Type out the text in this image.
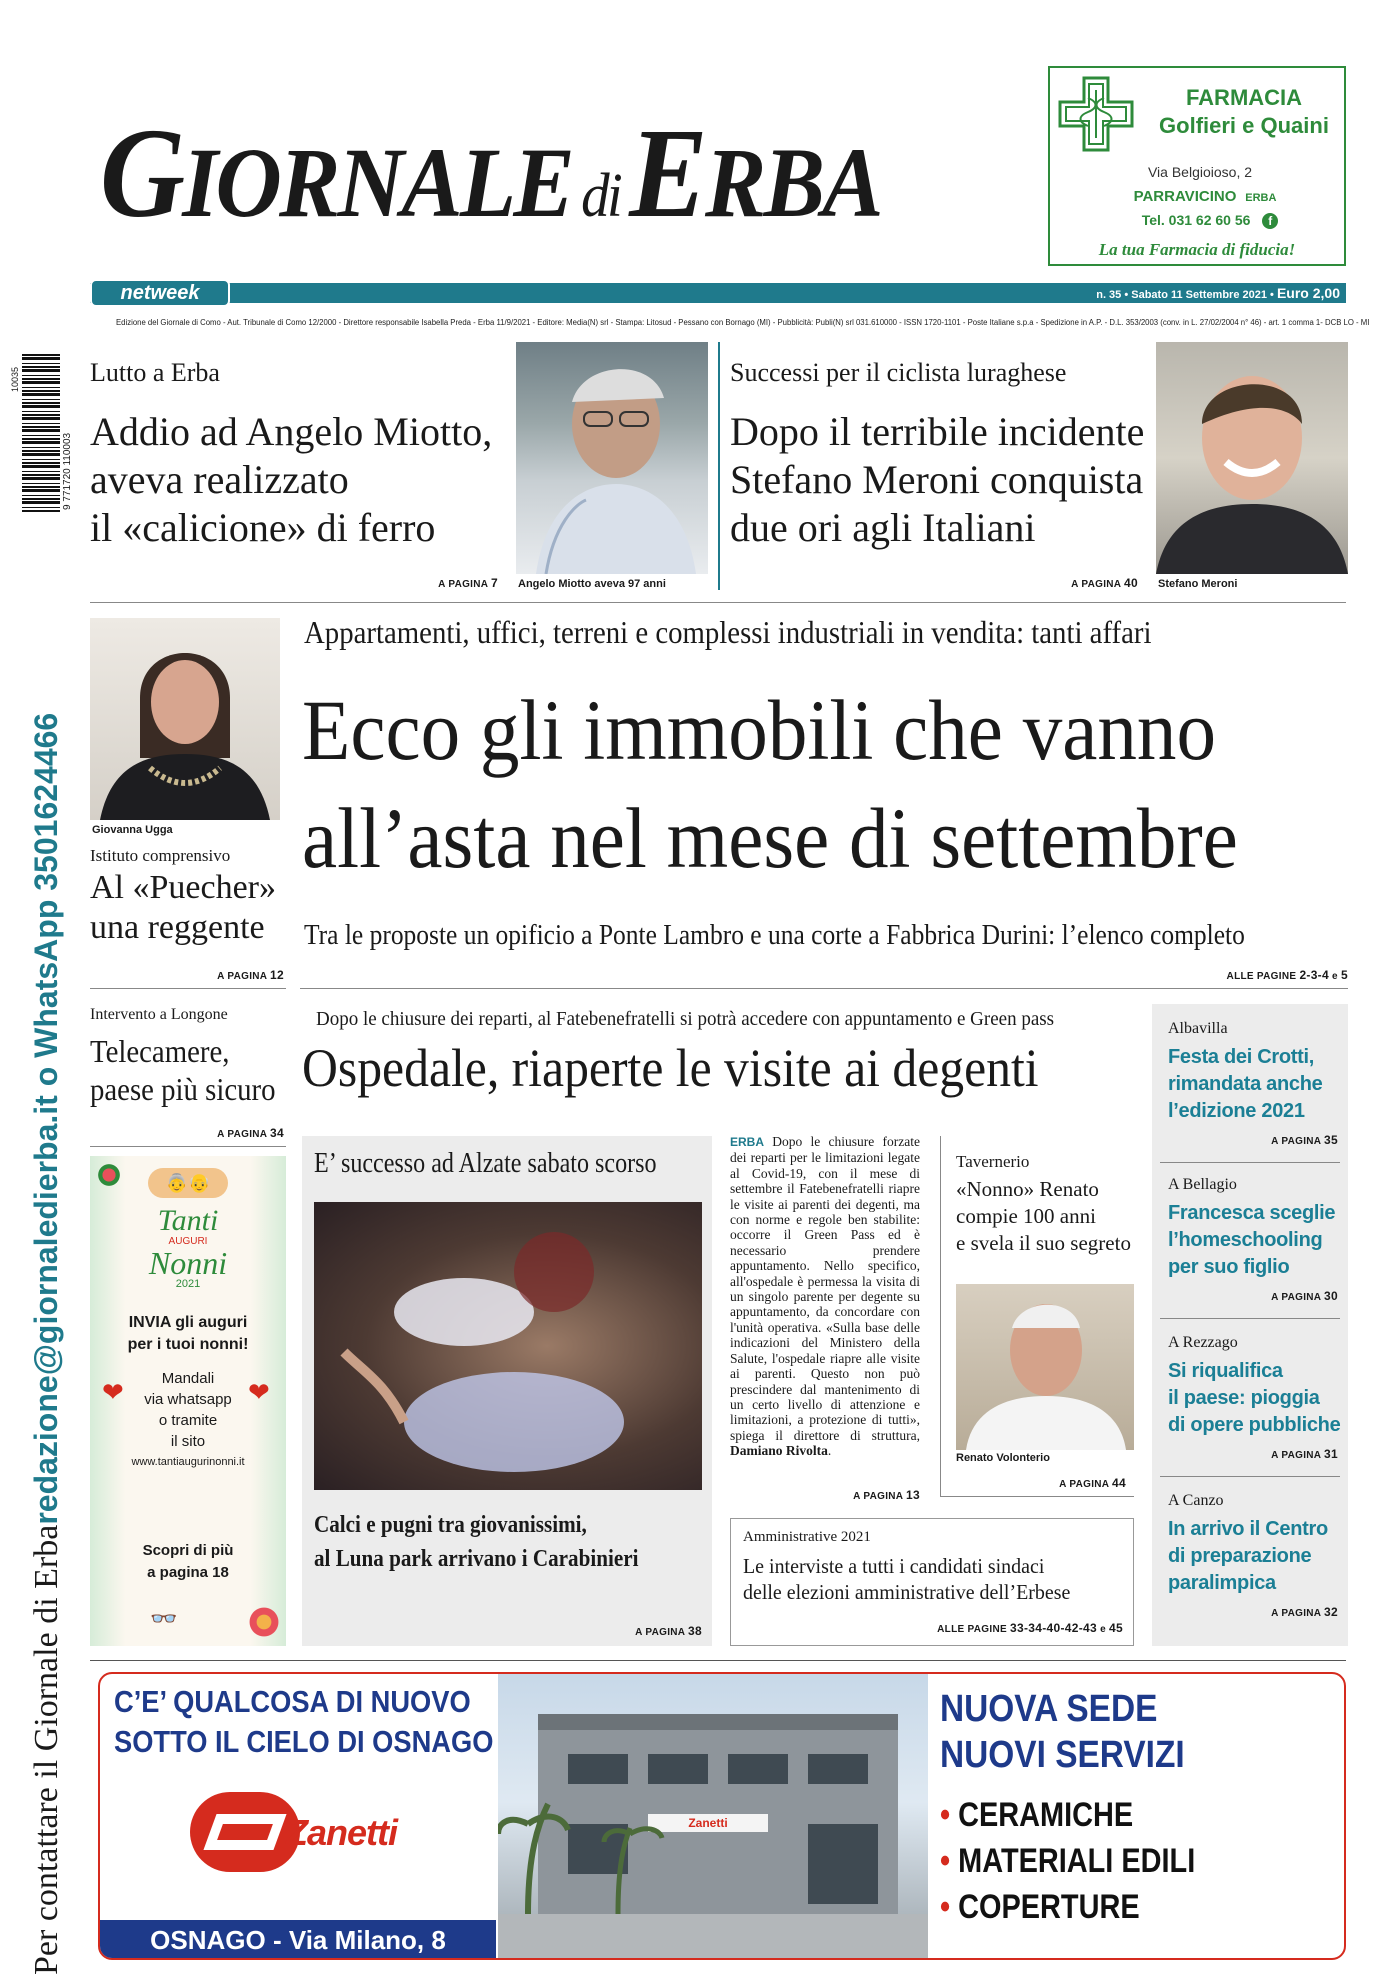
GIORNALE diERBA
FARMACIA
Golfieri e Quaini
Via Belgioioso, 2
PARRAVICINO ERBA
Tel. 031 62 60 56 f
La tua Farmacia di fiducia!
netweek	n. 35 • Sabato 11 Settembre 2021 • Euro 2,00
Edizione del Giornale di Como - Aut. Tribunale di Como 12/2000 - Direttore responsabile Isabella Preda - Erba 11/9/2021 - Editore: Media(N) srl - Stampa: Litosud - Pessano con Bornago (MI) - Pubblicità: Publi(N) srl 031.610000 - ISSN 1720-1101 - Poste Italiane s.p.a - Spedizione in A.P. - D.L. 353/2003 (conv. in L. 27/02/2004 n° 46) - art. 1 comma 1- DCB LO - MI
Per contattare il Giornale di Erbaredazione@giornaledierba.it o WhatsApp 3501624466
9 771720 110003
10035	Lutto a Erba
Addio ad Angelo Miotto,
aveva realizzato
il «calicione» di ferro
A PAGINA 7 Angelo Miotto aveva 97 anni
Successi per il ciclista luraghese
Dopo il terribile incidente
Stefano Meroni conquista
due ori agli Italiani
A PAGINA 40 Stefano Meroni
Giovanna Ugga
Istituto comprensivo
Al «Puecher»
una reggente
A PAGINA 12
Appartamenti, uffici, terreni e complessi industriali in vendita: tanti affari
Ecco gli immobili che vanno
all’asta nel mese di settembre
Tra le proposte un opificio a Ponte Lambro e una corte a Fabbrica Durini: l’elenco completo
ALLE PAGINE 2-3-4 e 5
Intervento a Longone
Telecamere,
paese più sicuro
A PAGINA 34
👵👴
Tanti
AUGURI
Nonni
2021
INVIA gli auguri
per i tuoi nonni!
❤	❤
Mandali
via whatsapp
o tramite
il sito
www.tantiaugurinonni.it
Scopri di più
a pagina 18
👓
Dopo le chiusure dei reparti, al Fatebenefratelli si potrà accedere con appuntamento e Green pass
Ospedale, riaperte le visite ai degenti
ERBA Dopo le chiusure forzate dei reparti per le limitazioni legate al Covid-19, con il mese di settembre il Fatebenefratelli riapre le visite ai parenti dei degenti, ma con norme e regole ben stabilite: occorre il Green Pass ed è necessario prendere appuntamento. Nello specifico, all'ospedale è permessa la visita di un singolo parente per degente su appuntamento, da concordare con l'unità operativa. «Sulla base delle indicazioni del Ministero della Salute, l'ospedale riapre alle visite ai parenti. Questo non può prescindere dal mantenimento di un certo livello di attenzione e limitazioni, a protezione di tutti», spiega il direttore di struttura, Damiano Rivolta.
A PAGINA 13
E’ successo ad Alzate sabato scorso
Calci e pugni tra giovanissimi,
al Luna park arrivano i Carabinieri
A PAGINA 38
Tavernerio
«Nonno» Renato
compie 100 anni
e svela il suo segreto
Renato Volonterio
A PAGINA 44
Amministrative 2021
Le interviste a tutti i candidati sindaci
delle elezioni amministrative dell’Erbese
ALLE PAGINE 33-34-40-42-43 e 45
Albavilla
Festa dei Crotti,
rimandata anche
l’edizione 2021
A PAGINA 35
A Bellagio
Francesca sceglie
l’homeschooling
per suo figlio
A PAGINA 30
A Rezzago
Si riqualifica
il paese: pioggia
di opere pubbliche
A PAGINA 31
A Canzo
In arrivo il Centro
di preparazione
paralimpica
A PAGINA 32
C’E’ QUALCOSA DI NUOVO
SOTTO IL CIELO DI OSNAGO
Zanetti
OSNAGO - Via Milano, 8
Zanetti
NUOVA SEDE
NUOVI SERVIZI
• CERAMICHE
• MATERIALI EDILI
• COPERTURE
